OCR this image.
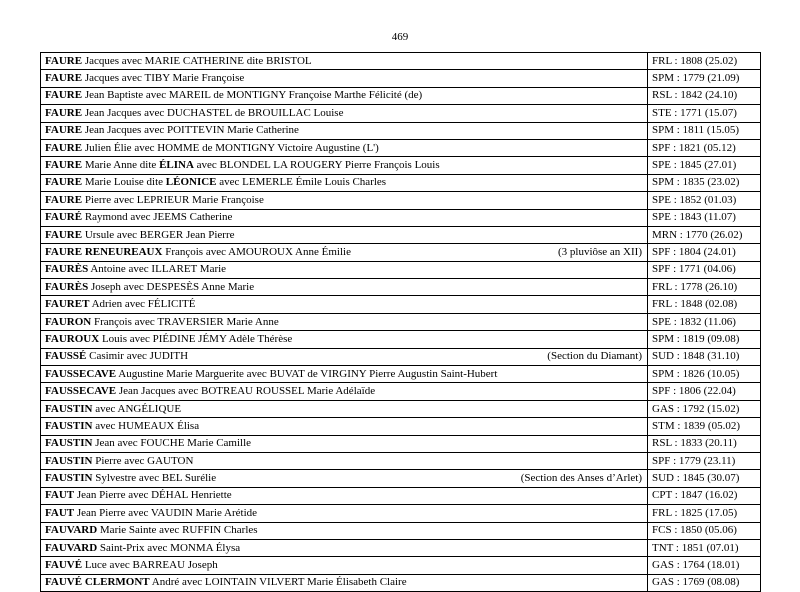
469
FAURE Jacques avec MARIE CATHERINE dite BRISTOL	FRL : 1808 (25.02)
FAURE Jacques avec TIBY Marie Françoise	SPM : 1779 (21.09)
FAURE Jean Baptiste avec MAREIL de MONTIGNY Françoise Marthe Félicité (de)	RSL : 1842 (24.10)
FAURE Jean Jacques avec DUCHASTEL de BROUILLAC Louise	STE : 1771 (15.07)
FAURE Jean Jacques avec POITTEVIN Marie Catherine	SPM : 1811 (15.05)
FAURE Julien Élie avec HOMME de MONTIGNY Victoire Augustine (L')	SPF : 1821 (05.12)
FAURE Marie Anne dite ÉLINA avec BLONDEL LA ROUGERY Pierre François Louis	SPE : 1845 (27.01)
FAURE Marie Louise dite LÉONICE avec LEMERLE Émile Louis Charles	SPM : 1835 (23.02)
FAURE Pierre avec LEPRIEUR Marie Françoise	SPE : 1852 (01.03)
FAURÉ Raymond avec JEEMS Catherine	SPE : 1843 (11.07)
FAURE Ursule avec BERGER Jean Pierre	MRN : 1770 (26.02)

(3 pluviôse an XII)
FAURE RENEUREAUX François avec AMOUROUX Anne Émilie	SPF : 1804 (24.01)
FAURÈS Antoine avec ILLARET Marie	SPF : 1771 (04.06)
FAURÈS Joseph avec DESPESÈS Anne Marie	FRL : 1778 (26.10)
FAURET Adrien avec FÉLICITÉ	FRL : 1848 (02.08)
FAURON François avec TRAVERSIER Marie Anne	SPE : 1832 (11.06)
FAUROUX Louis avec PIÉDINE JÉMY Adèle Thérèse	SPM : 1819 (09.08)

(Section du Diamant)
FAUSSÉ Casimir avec JUDITH	SUD : 1848 (31.10)
FAUSSECAVE Augustine Marie Marguerite avec BUVAT de VIRGINY Pierre Augustin Saint-Hubert	SPM : 1826 (10.05)
FAUSSECAVE Jean Jacques avec BOTREAU ROUSSEL Marie Adélaïde	SPF : 1806 (22.04)
FAUSTIN avec ANGÉLIQUE	GAS : 1792 (15.02)
FAUSTIN avec HUMEAUX Élisa	STM : 1839 (05.02)
FAUSTIN Jean avec FOUCHE Marie Camille	RSL : 1833 (20.11)
FAUSTIN Pierre avec GAUTON	SPF : 1779 (23.11)

(Section des Anses d’Arlet)
FAUSTIN Sylvestre avec BEL Surélie	SUD : 1845 (30.07)
FAUT Jean Pierre avec DÉHAL Henriette	CPT : 1847 (16.02)
FAUT Jean Pierre avec VAUDIN Marie Arétide	FRL : 1825 (17.05)
FAUVARD Marie Sainte avec RUFFIN Charles	FCS : 1850 (05.06)
FAUVARD Saint-Prix avec MONMA Élysa	TNT : 1851 (07.01)
FAUVÉ Luce avec BARREAU Joseph	GAS : 1764 (18.01)
FAUVÉ CLERMONT André avec LOINTAIN VILVERT Marie Élisabeth Claire	GAS : 1769 (08.08)
